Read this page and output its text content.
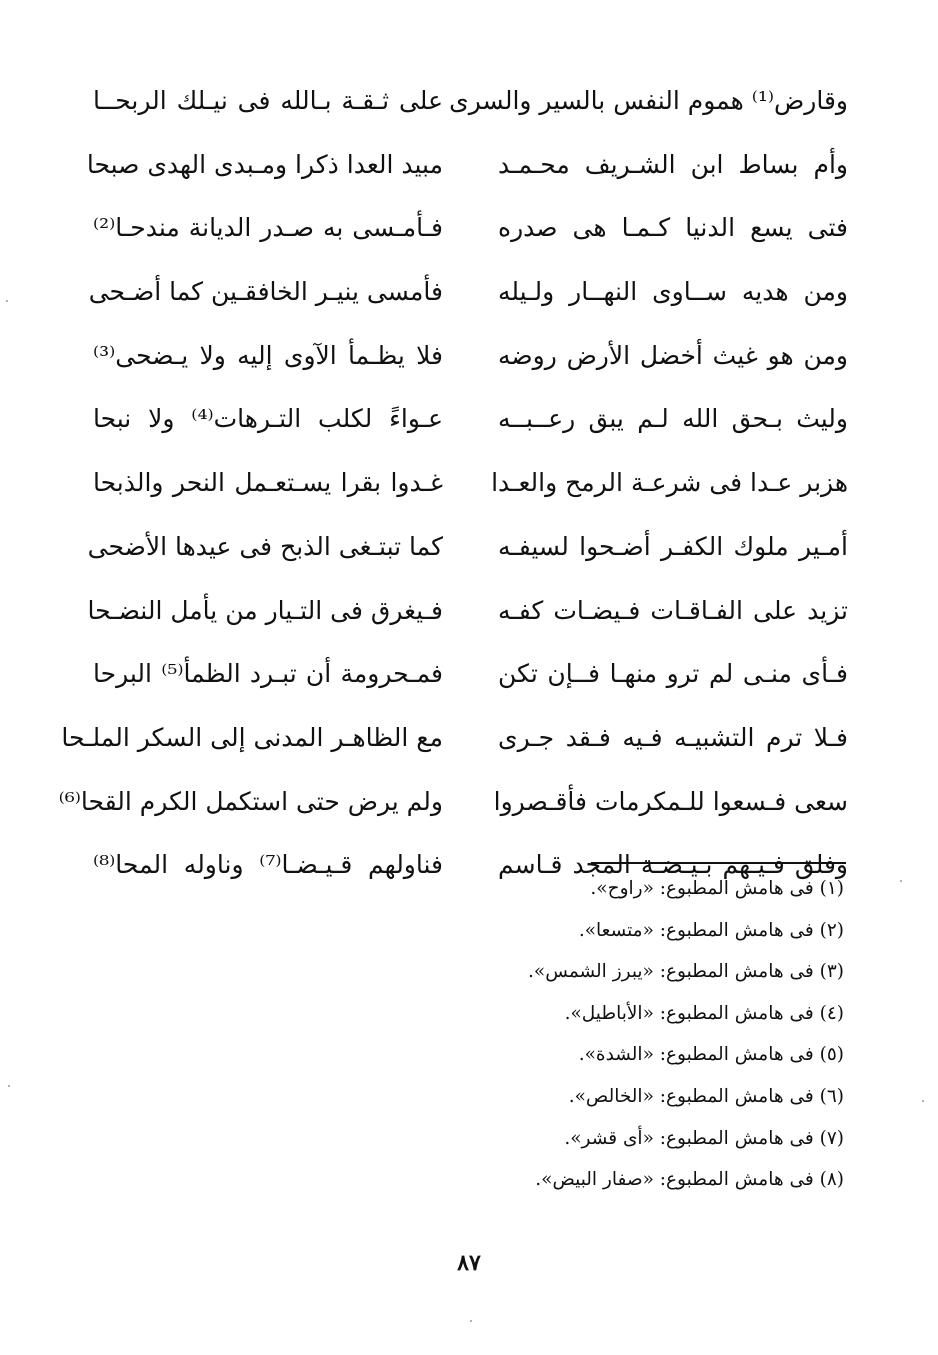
وقارض⁽¹⁾ هموم النفس بالسير والسرى
وأم بساط ابن الشـريف محـمـد
فتى يسع الدنيا كـمـا هى صدره
ومن هديه ســاوى النهــار ولـيله
ومن هو غيث أخضل الأرض روضه
وليث بـحق الله لـم يبق رعــبــه
هزبر عـدا فى شرعـة الرمح والعـدا
أمـير ملوك الكفـر أضـحوا لسيفـه
تزيد على الفـاقـات فـيضـات كفـه
فـأى منـى لم ترو منهـا فــإن تكن
فـلا ترم التشبيـه فـيه فـقد جـرى
سعى فـسعوا للـمكرمات فأقـصروا
وفلق فـيـهم بـيـضـة المجد قـاسم
على ثـقـة بـالله فى نيـلك الربحــا
مبيد العدا ذكرا ومـبدى الهدى صبحا
فـأمـسى به صـدر الديانة مندحـا⁽²⁾
فأمسى ينيـر الخافقـين كما أضـحى
فلا يظـمأ الآوى إليه ولا يـضحى⁽³⁾
عـواءً لكلب التـرهات⁽⁴⁾ ولا نبحا
غـدوا بقرا يسـتعـمل النحر والذبحا
كما تبتـغى الذبح فى عيدها الأضحى
فـيغرق فى التـيار من يأمل النضـحا
فمـحرومة أن تبـرد الظمأ⁽⁵⁾ البرحا
مع الظاهـر المدنى إلى السكر الملـحا
ولم يرض حتى استكمل الكرم القحا⁽⁶⁾
فناولهم قـيـضـا⁽⁷⁾ وناوله المحا⁽⁸⁾
(١) فى هامش المطبوع: «راوح».
(٢) فى هامش المطبوع: «متسعا».
(٣) فى هامش المطبوع: «يبرز الشمس».
(٤) فى هامش المطبوع: «الأباطيل».
(٥) فى هامش المطبوع: «الشدة».
(٦) فى هامش المطبوع: «الخالص».
(٧) فى هامش المطبوع: «أى قشر».
(٨) فى هامش المطبوع: «صفار البيض».
٨٧
